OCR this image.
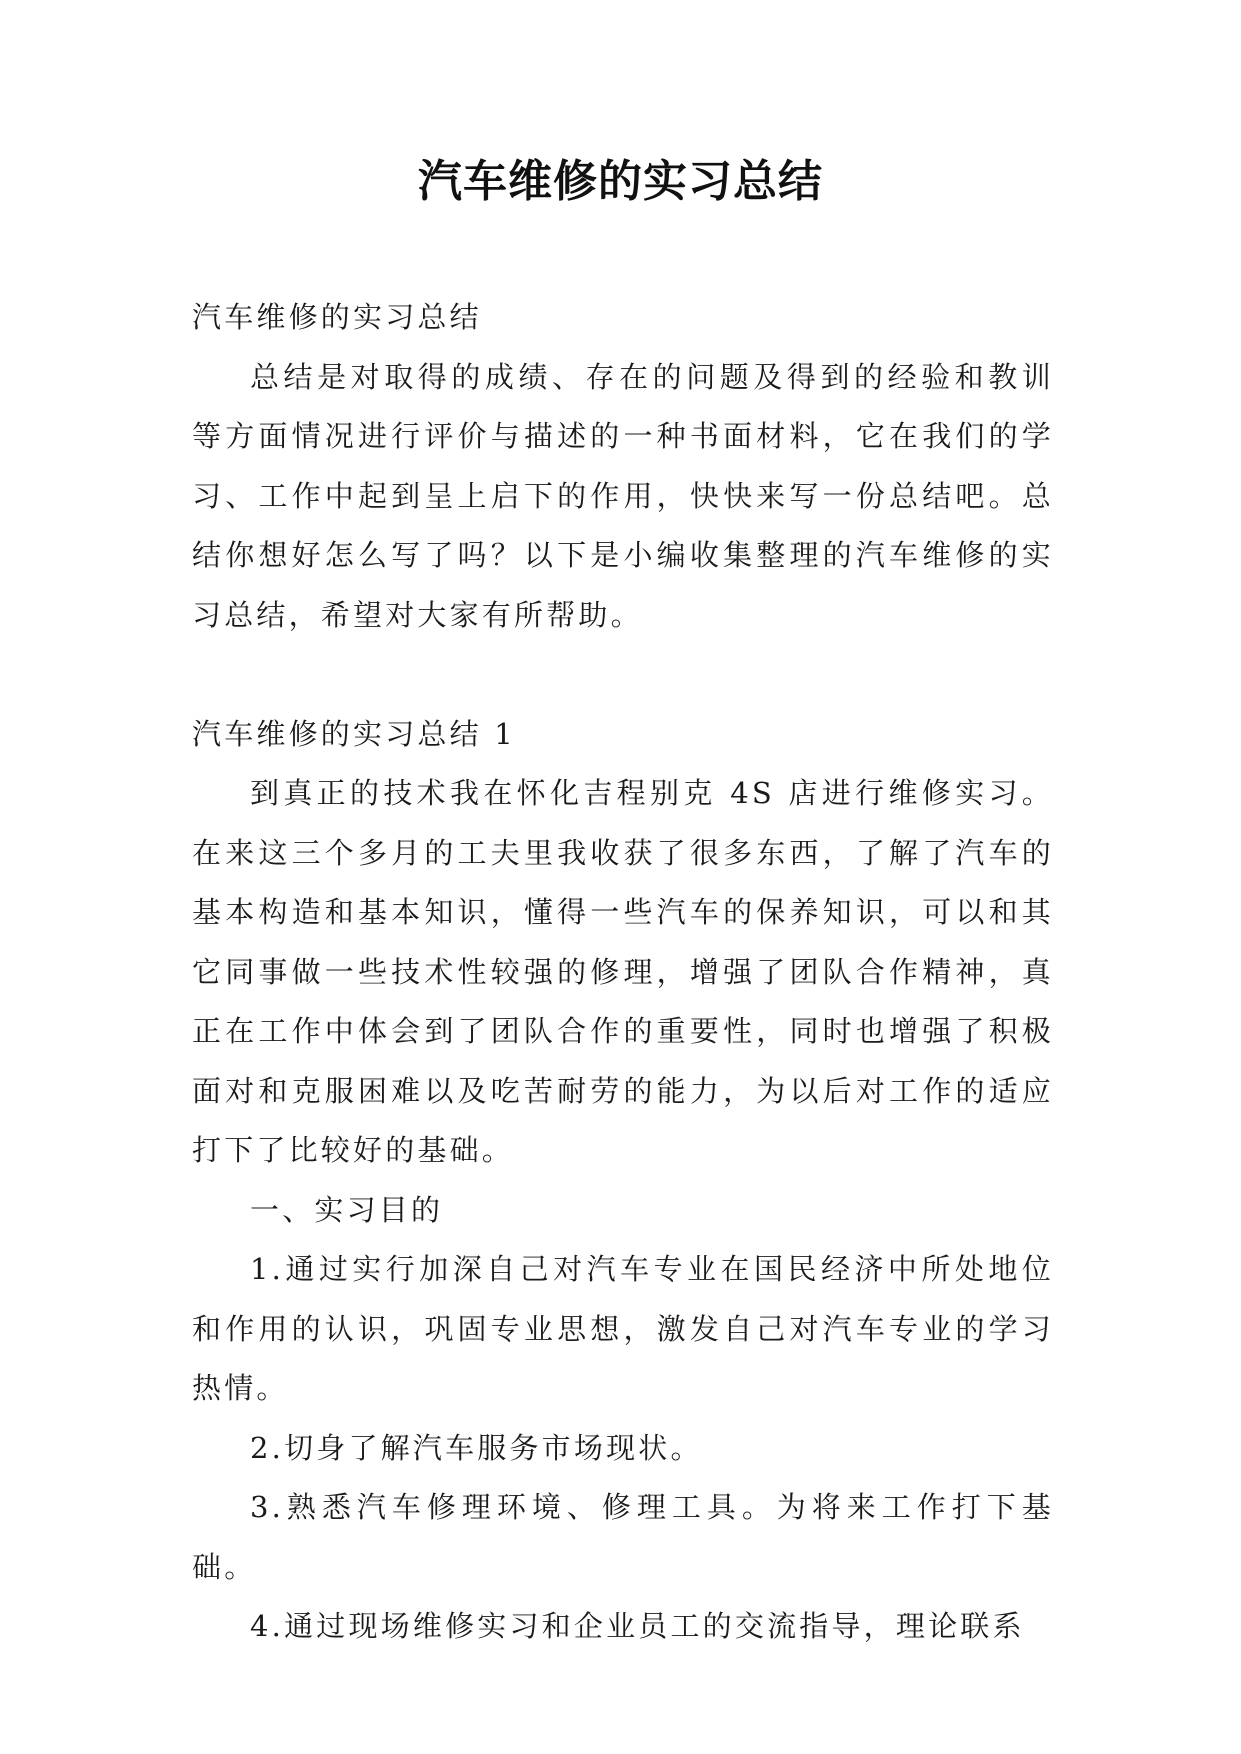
汽车维修的实习总结

汽车维修的实习总结

总结是对取得的成绩、存在的问题及得到的经验和教训等方面情况进行评价与描述的一种书面材料，它在我们的学习、工作中起到呈上启下的作用，快快来写一份总结吧。总结你想好怎么写了吗？以下是小编收集整理的汽车维修的实习总结，希望对大家有所帮助。

汽车维修的实习总结 1

到真正的技术我在怀化吉程别克 4S 店进行维修实习。在来这三个多月的工夫里我收获了很多东西，了解了汽车的基本构造和基本知识，懂得一些汽车的保养知识，可以和其它同事做一些技术性较强的修理，增强了团队合作精神，真正在工作中体会到了团队合作的重要性，同时也增强了积极面对和克服困难以及吃苦耐劳的能力，为以后对工作的适应打下了比较好的基础。

一、实习目的

1.通过实行加深自己对汽车专业在国民经济中所处地位和作用的认识，巩固专业思想，激发自己对汽车专业的学习热情。

2.切身了解汽车服务市场现状。

3.熟悉汽车修理环境、修理工具。为将来工作打下基础。

4.通过现场维修实习和企业员工的交流指导，理论联系
